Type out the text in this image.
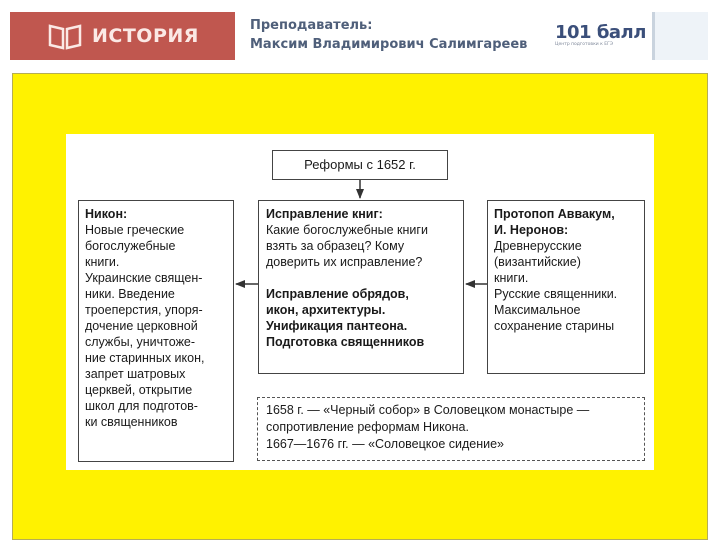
ИСТОРИЯ	Преподаватель:
Максим Владимирович Салимгареев
101 балл
Центр подготовки к ЕГЭ
Реформы с 1652 г.
Никон:
Новые греческие
богослужебные
книги.
Украинские священ-
ники. Введение
троеперстия, упоря-
дочение церковной
службы, уничтоже-
ние старинных икон,
запрет шатровых
церквей, открытие
школ для подготов-
ки священников
Исправление книг:
Какие богослужебные книги
взять за образец? Кому
доверить их исправление?
Исправление обрядов,
икон, архитектуры.
Унификация пантеона.
Подготовка священников
Протопоп Аввакум,
И. Неронов:
Древнерусские
(византийские)
книги.
Русские священники.
Максимальное
сохранение старины
1658 г. — «Черный собор» в Соловецком монастыре —
сопротивление реформам Никона.
1667—1676 гг. — «Соловецкое сидение»
